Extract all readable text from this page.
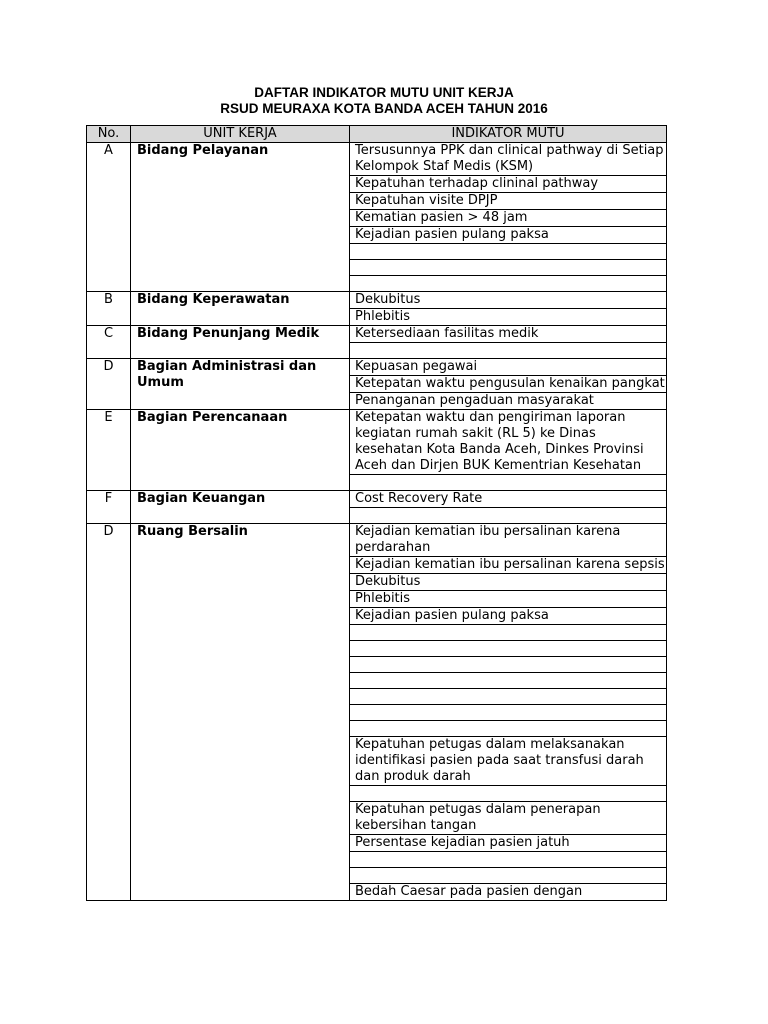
DAFTAR INDIKATOR MUTU UNIT KERJA
RSUD MEURAXA KOTA BANDA ACEH TAHUN 2016
No.	UNIT KERJA	INDIKATOR MUTU
A	Bidang Pelayanan	Tersusunnya PPK dan clinical pathway di Setiap Kelompok Staf Medis (KSM)
		Kepatuhan terhadap clininal pathway
		Kepatuhan visite DPJP
		Kematian pasien > 48 jam
		Kejadian pasien pulang paksa

B	Bidang Keperawatan	Dekubitus
		Phlebitis
C	Bidang Penunjang Medik	Ketersediaan fasilitas medik

D	Bagian Administrasi dan Umum	Kepuasan pegawai
		Ketepatan waktu pengusulan kenaikan pangkat
		Penanganan pengaduan masyarakat
E	Bagian Perencanaan	Ketepatan waktu dan pengiriman laporan kegiatan rumah sakit (RL 5) ke Dinas kesehatan Kota Banda Aceh, Dinkes Provinsi Aceh dan Dirjen BUK Kementrian Kesehatan

F	Bagian Keuangan	Cost Recovery Rate

D	Ruang Bersalin	Kejadian kematian ibu persalinan karena perdarahan
		Kejadian kematian ibu persalinan karena sepsis
		Dekubitus
		Phlebitis
		Kejadian pasien pulang paksa

		Kepatuhan petugas dalam melaksanakan identifikasi pasien pada saat transfusi darah dan produk darah

		Kepatuhan petugas dalam penerapan kebersihan tangan
		Persentase kejadian pasien jatuh

		Bedah Caesar pada pasien dengan
